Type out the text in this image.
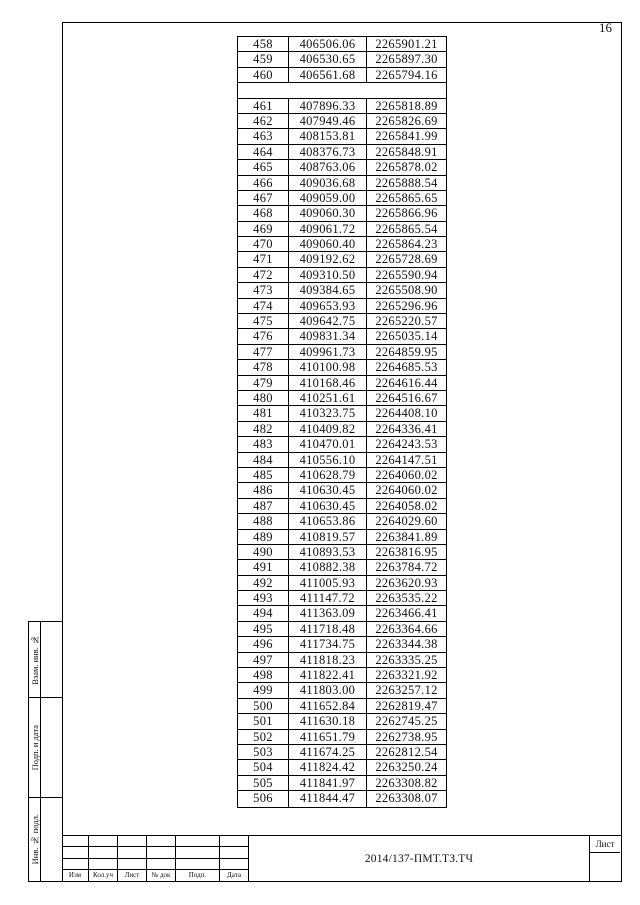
16
Взам. инв. №
Подп. и дата
Инв. № подл.
458	406506.06	2265901.21
459	406530.65	2265897.30
460	406561.68	2265794.16
461	407896.33	2265818.89
462	407949.46	2265826.69
463	408153.81	2265841.99
464	408376.73	2265848.91
465	408763.06	2265878.02
466	409036.68	2265888.54
467	409059.00	2265865.65
468	409060.30	2265866.96
469	409061.72	2265865.54
470	409060.40	2265864.23
471	409192.62	2265728.69
472	409310.50	2265590.94
473	409384.65	2265508.90
474	409653.93	2265296.96
475	409642.75	2265220.57
476	409831.34	2265035.14
477	409961.73	2264859.95
478	410100.98	2264685.53
479	410168.46	2264616.44
480	410251.61	2264516.67
481	410323.75	2264408.10
482	410409.82	2264336.41
483	410470.01	2264243.53
484	410556.10	2264147.51
485	410628.79	2264060.02
486	410630.45	2264060.02
487	410630.45	2264058.02
488	410653.86	2264029.60
489	410819.57	2263841.89
490	410893.53	2263816.95
491	410882.38	2263784.72
492	411005.93	2263620.93
493	411147.72	2263535.22
494	411363.09	2263466.41
495	411718.48	2263364.66
496	411734.75	2263344.38
497	411818.23	2263335.25
498	411822.41	2263321.92
499	411803.00	2263257.12
500	411652.84	2262819.47
501	411630.18	2262745.25
502	411651.79	2262738.95
503	411674.25	2262812.54
504	411824.42	2263250.24
505	411841.97	2263308.82
506	411844.47	2263308.07
Изм	Кол.уч	Лист	№ док	Подп.	Дата
2014/137-ПМТ.ТЗ.ТЧ
Лист
